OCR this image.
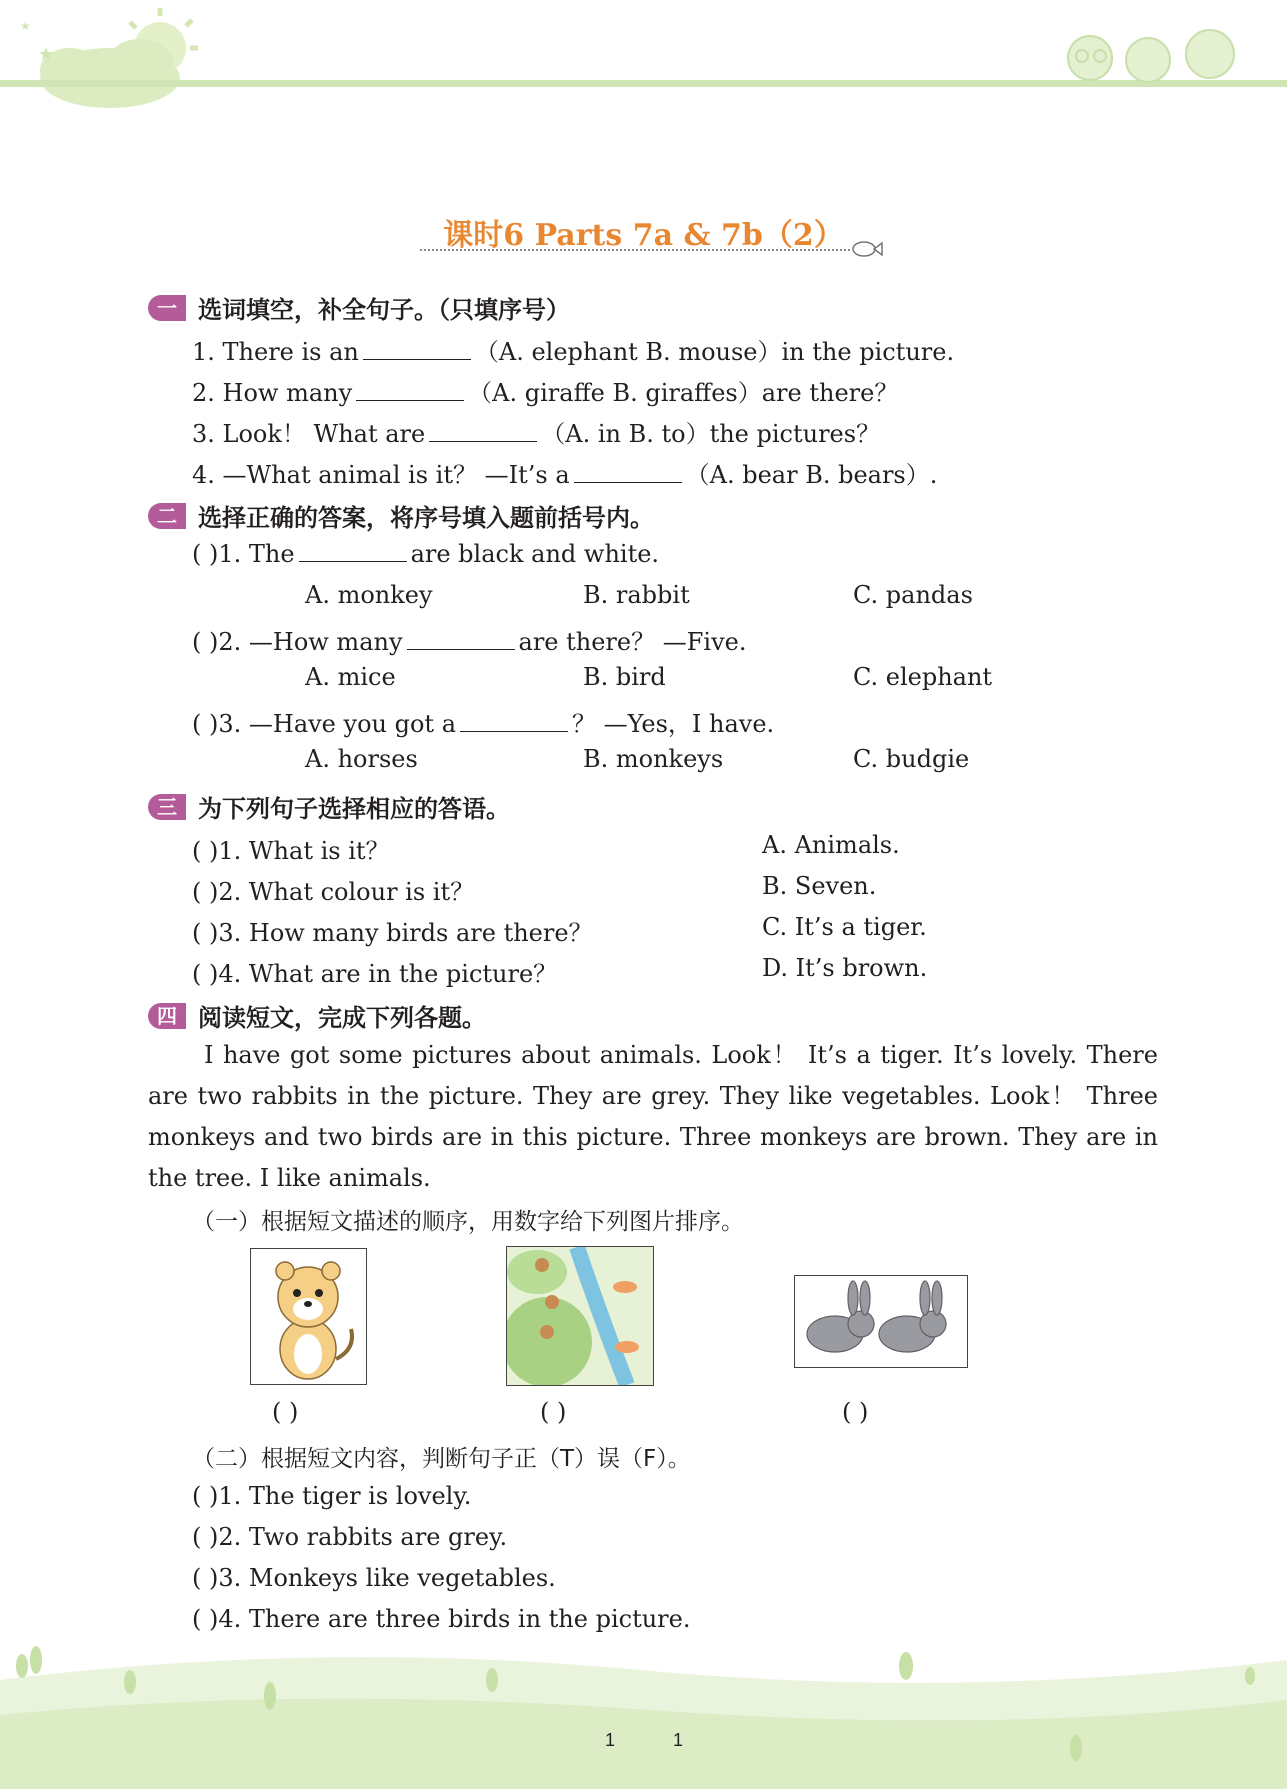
★
★
课时6 Parts 7a & 7b（2）
一 选词填空，补全句子。（只填序号）
1. There is an	（A. elephant B. mouse）in the picture.
2. How many	（A. giraffe B. giraffes）are there？
3. Look！ What are	（A. in B. to）the pictures？
4. —What animal is it？ —It’s a	（A. bear B. bears）.
二 选择正确的答案，将序号填入题前括号内。
( )1. The	are black and white.
A. monkey	B. rabbit	C. pandas
( )2. —How many	are there？ —Five.
A. mice	B. bird	C. elephant
( )3. —Have you got a	？ —Yes，I have.
A. horses	B. monkeys	C. budgie
三 为下列句子选择相应的答语。
( )1. What is it？
( )2. What colour is it？
( )3. How many birds are there？
( )4. What are in the picture？
A. Animals.
B. Seven.
C. It’s a tiger.
D. It’s brown.
四 阅读短文，完成下列各题。
I have got some pictures about animals. Look！ It’s a tiger. It’s lovely. There are two rabbits in the picture. They are grey. They like vegetables. Look！ Three monkeys and two birds are in this picture. Three monkeys are brown. They are in the tree. I like animals.
（一）根据短文描述的顺序，用数字给下列图片排序。
( )	( )	( )
（二）根据短文内容，判断句子正（T）误（F）。
( )1. The tiger is lovely.
( )2. Two rabbits are grey.
( )3. Monkeys like vegetables.
( )4. There are three birds in the picture.
1	1
